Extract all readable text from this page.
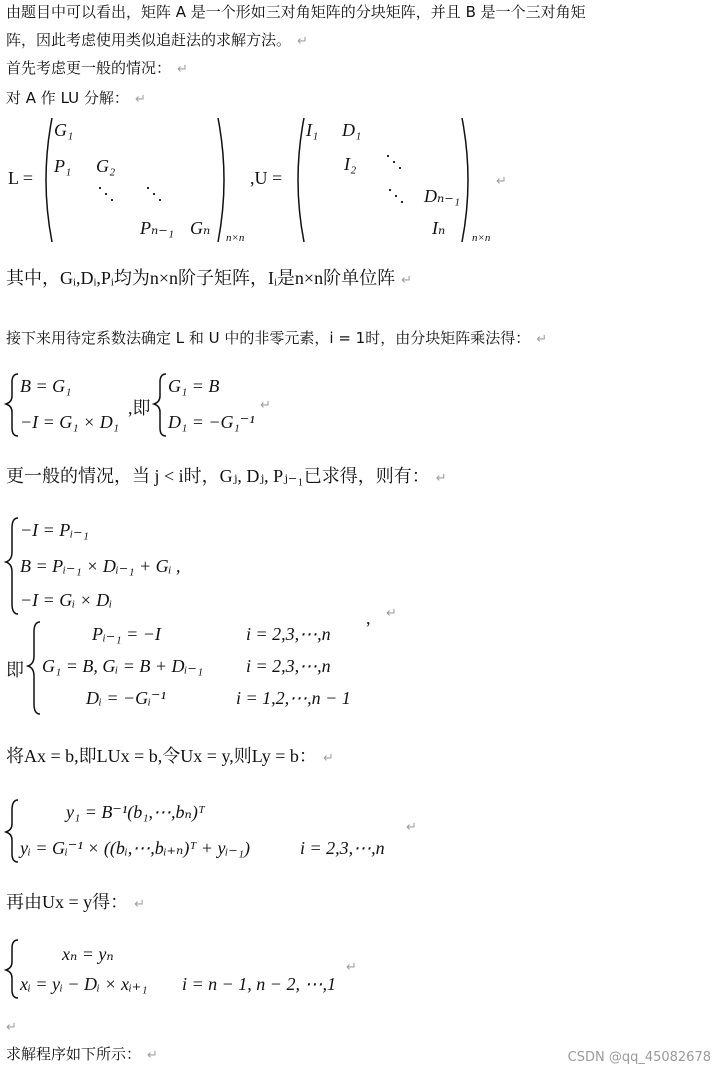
由题目中可以看出，矩阵 A 是一个形如三对角矩阵的分块矩阵，并且 B 是一个三对角矩
阵，因此考虑使用类似追赶法的求解方法。 ↵
首先考虑更一般的情况： ↵
对 A 作 LU 分解： ↵
L =
G₁
P₁ G₂
Pₙ₋₁ Gₙ n×n
,U =
I₁ D₁
I₂
Dₙ₋₁
Iₙ n×n
↵
其中，Gᵢ,Dᵢ,Pᵢ均为n×n阶子矩阵，Iᵢ是n×n阶单位阵 ↵
接下来用待定系数法确定 L 和 U 中的非零元素，i = 1时，由分块矩阵乘法得： ↵
B = G₁
−I = G₁ × D₁
,即
G₁ = B
D₁ = −G₁⁻¹
↵
更一般的情况，当 j < i时，Gⱼ, Dⱼ, Pⱼ₋₁已求得，则有： ↵
−I = Pᵢ₋₁
B = Pᵢ₋₁ × Dᵢ₋₁ + Gᵢ ,
−I = Gᵢ × Dᵢ
, ↵
即
Pᵢ₋₁ = −I	i = 2,3,⋯,n
G₁ = B, Gᵢ = B + Dᵢ₋₁ i = 2,3,⋯,n
Dᵢ = −Gᵢ⁻¹	i = 1,2,⋯,n − 1
将Ax = b,即LUx = b,令Ux = y,则Ly = b： ↵
y₁ = B⁻¹(b₁,⋯,bₙ)ᵀ
yᵢ = Gᵢ⁻¹ × ((bᵢ,⋯,bᵢ₊ₙ)ᵀ + yᵢ₋₁)	i = 2,3,⋯,n
↵
再由Ux = y得： ↵
xₙ = yₙ
xᵢ = yᵢ − Dᵢ × xᵢ₊₁ i = n − 1, n − 2, ⋯,1
↵
↵
求解程序如下所示： ↵	CSDN @qq_45082678
